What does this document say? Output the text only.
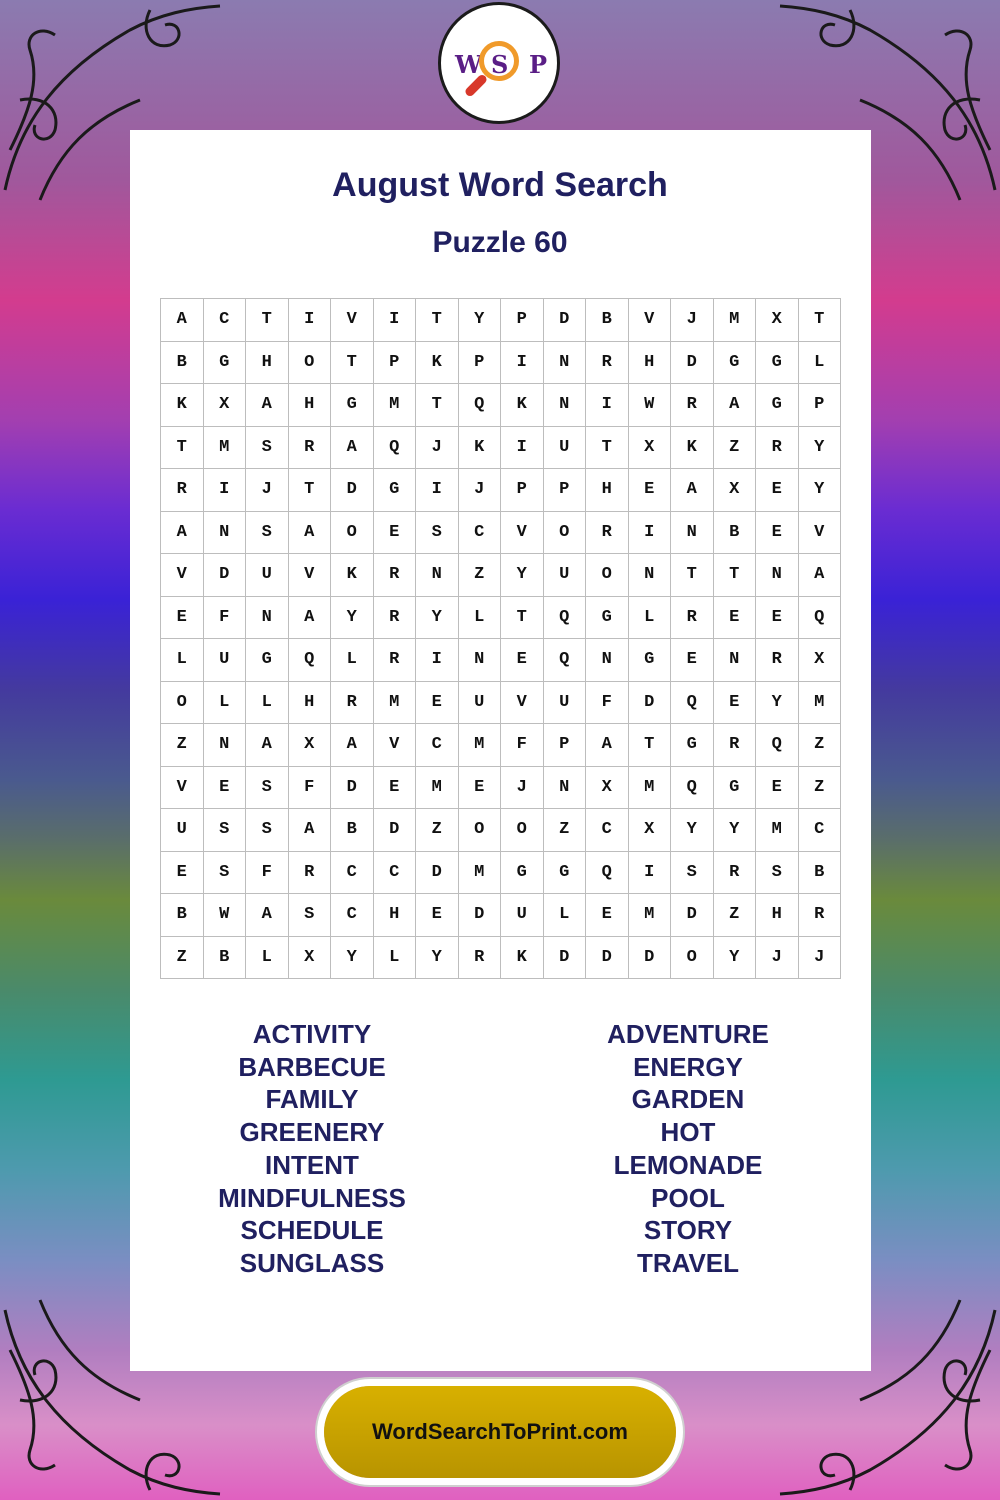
W S P
August Word Search
Puzzle 60
A	C	T	I	V	I	T	Y	P	D	B	V	J	M	X	T
B	G	H	O	T	P	K	P	I	N	R	H	D	G	G	L
K	X	A	H	G	M	T	Q	K	N	I	W	R	A	G	P
T	M	S	R	A	Q	J	K	I	U	T	X	K	Z	R	Y
R	I	J	T	D	G	I	J	P	P	H	E	A	X	E	Y
A	N	S	A	O	E	S	C	V	O	R	I	N	B	E	V
V	D	U	V	K	R	N	Z	Y	U	O	N	T	T	N	A
E	F	N	A	Y	R	Y	L	T	Q	G	L	R	E	E	Q
L	U	G	Q	L	R	I	N	E	Q	N	G	E	N	R	X
O	L	L	H	R	M	E	U	V	U	F	D	Q	E	Y	M
Z	N	A	X	A	V	C	M	F	P	A	T	G	R	Q	Z
V	E	S	F	D	E	M	E	J	N	X	M	Q	G	E	Z
U	S	S	A	B	D	Z	O	O	Z	C	X	Y	Y	M	C
E	S	F	R	C	C	D	M	G	G	Q	I	S	R	S	B
B	W	A	S	C	H	E	D	U	L	E	M	D	Z	H	R
Z	B	L	X	Y	L	Y	R	K	D	D	D	O	Y	J	J
ACTIVITY
BARBECUE
FAMILY
GREENERY
INTENT
MINDFULNESS
SCHEDULE
SUNGLASS
ADVENTURE
ENERGY
GARDEN
HOT
LEMONADE
POOL
STORY
TRAVEL
WordSearchToPrint.com
